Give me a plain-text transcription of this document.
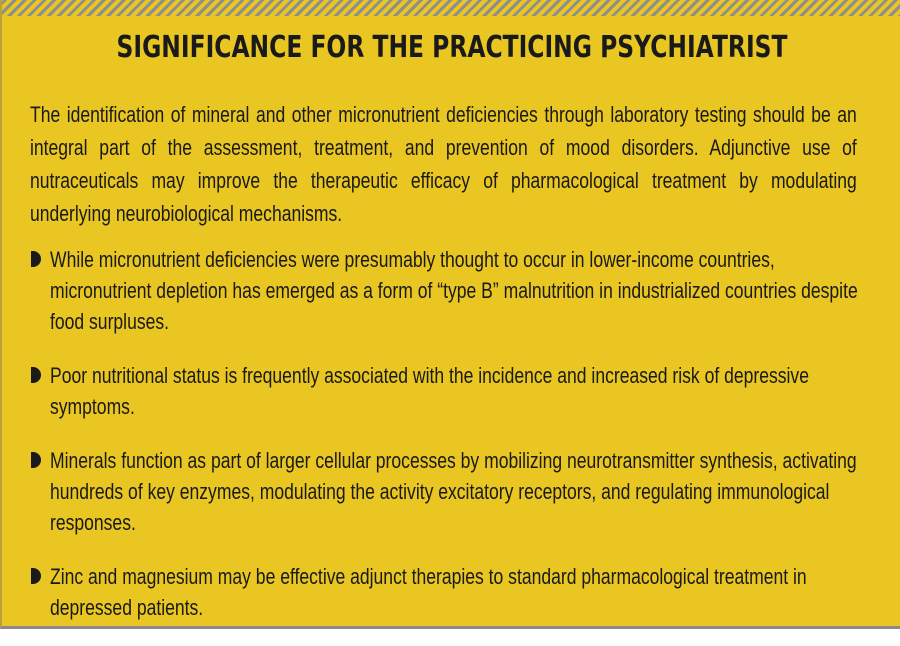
SIGNIFICANCE FOR THE PRACTICING PSYCHIATRIST

The identification of mineral and other micronutrient deficiencies through laboratory testing should be an integral part of the assessment, treatment, and prevention of mood disorders. Adjunctive use of nutraceuticals may improve the therapeutic efficacy of pharmacological treatment by modulating underlying neurobiological mechanisms.

While micronutrient deficiencies were presumably thought to occur in lower-income countries, micronutrient depletion has emerged as a form of “type B” malnutrition in industrialized countries despite food surpluses.
Poor nutritional status is frequently associated with the incidence and increased risk of depressive symptoms.
Minerals function as part of larger cellular processes by mobilizing neurotransmitter synthesis, activating hundreds of key enzymes, modulating the activity excitatory receptors, and regulating immunological responses.
Zinc and magnesium may be effective adjunct therapies to standard pharmacological treatment in depressed patients.
